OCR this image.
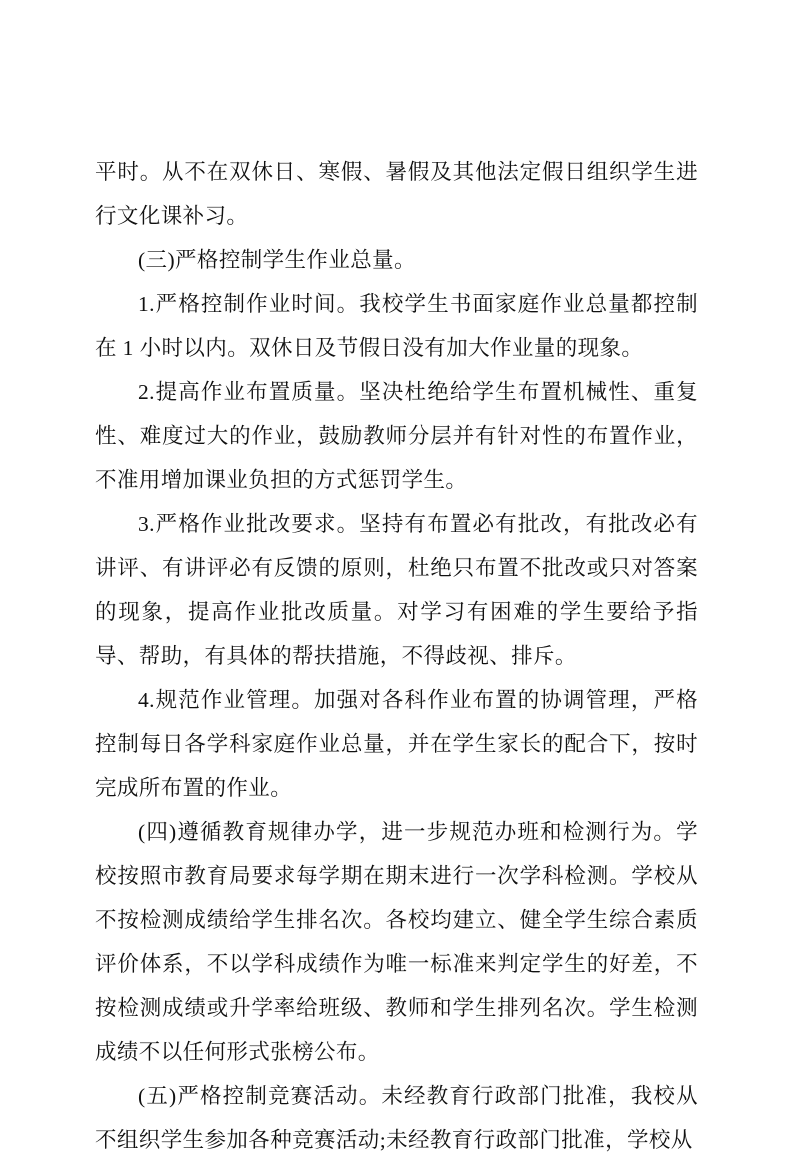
平时。从不在双休日、寒假、暑假及其他法定假日组织学生进行文化课补习。

(三)严格控制学生作业总量。

1.严格控制作业时间。我校学生书面家庭作业总量都控制在 1 小时以内。双休日及节假日没有加大作业量的现象。

2.提高作业布置质量。坚决杜绝给学生布置机械性、重复性、难度过大的作业，鼓励教师分层并有针对性的布置作业，不准用增加课业负担的方式惩罚学生。

3.严格作业批改要求。坚持有布置必有批改，有批改必有讲评、有讲评必有反馈的原则，杜绝只布置不批改或只对答案的现象，提高作业批改质量。对学习有困难的学生要给予指导、帮助，有具体的帮扶措施，不得歧视、排斥。

4.规范作业管理。加强对各科作业布置的协调管理，严格控制每日各学科家庭作业总量，并在学生家长的配合下，按时完成所布置的作业。

(四)遵循教育规律办学，进一步规范办班和检测行为。学校按照市教育局要求每学期在期末进行一次学科检测。学校从不按检测成绩给学生排名次。各校均建立、健全学生综合素质评价体系，不以学科成绩作为唯一标准来判定学生的好差，不按检测成绩或升学率给班级、教师和学生排列名次。学生检测成绩不以任何形式张榜公布。

(五)严格控制竞赛活动。未经教育行政部门批准，我校从不组织学生参加各种竞赛活动;未经教育行政部门批准，学校从
